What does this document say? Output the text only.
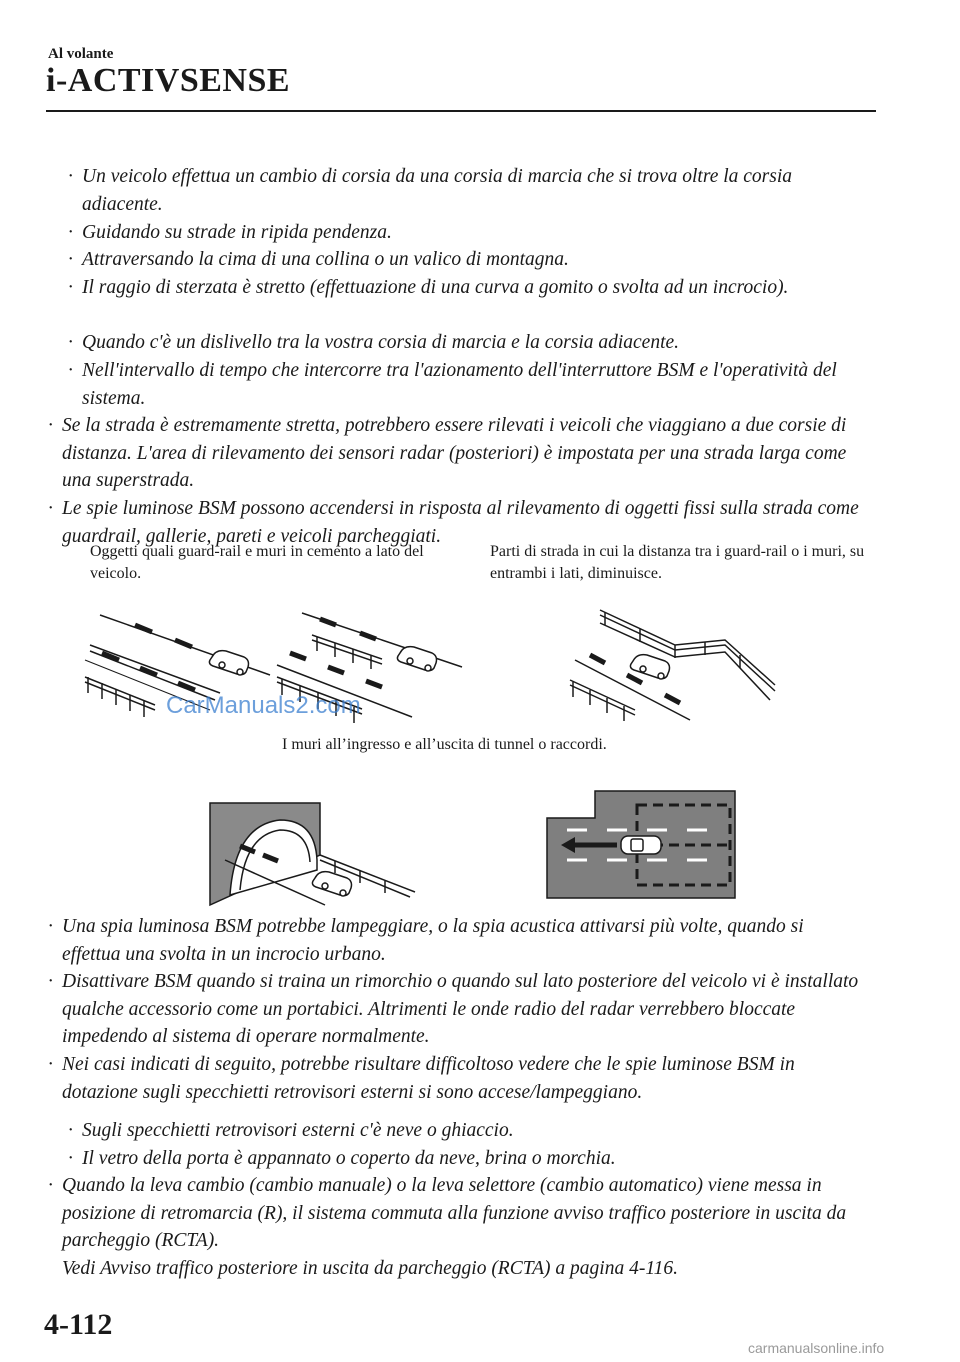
Al volante
i-ACTIVSENSE
· Un veicolo effettua un cambio di corsia da una corsia di marcia che si trova oltre la corsia adiacente.
· Guidando su strade in ripida pendenza.
· Attraversando la cima di una collina o un valico di montagna.
· Il raggio di sterzata è stretto (effettuazione di una curva a gomito o svolta ad un incrocio).
· Quando c'è un dislivello tra la vostra corsia di marcia e la corsia adiacente.
· Nell'intervallo di tempo che intercorre tra l'azionamento dell'interruttore BSM e l'operatività del sistema.
· Se la strada è estremamente stretta, potrebbero essere rilevati i veicoli che viaggiano a due corsie di distanza. L'area di rilevamento dei sensori radar (posteriori) è impostata per una strada larga come una superstrada.
· Le spie luminose BSM possono accendersi in risposta al rilevamento di oggetti fissi sulla strada come guardrail, gallerie, pareti e veicoli parcheggiati.
Oggetti quali guard-rail e muri in cemento a lato del veicolo.
Parti di strada in cui la distanza tra i guard-rail o i muri, su entrambi i lati, diminuisce.
I muri all’ingresso e all’uscita di tunnel o raccordi.
CarManuals2.com
· Una spia luminosa BSM potrebbe lampeggiare, o la spia acustica attivarsi più volte, quando si effettua una svolta in un incrocio urbano.
· Disattivare BSM quando si traina un rimorchio o quando sul lato posteriore del veicolo vi è installato qualche accessorio come un portabici. Altrimenti le onde radio del radar verrebbero bloccate impedendo al sistema di operare normalmente.
· Nei casi indicati di seguito, potrebbe risultare difficoltoso vedere che le spie luminose BSM in dotazione sugli specchietti retrovisori esterni si sono accese/lampeggiano.
· Sugli specchietti retrovisori esterni c'è neve o ghiaccio.
· Il vetro della porta è appannato o coperto da neve, brina o morchia.
· Quando la leva cambio (cambio manuale) o la leva selettore (cambio automatico) viene messa in posizione di retromarcia (R), il sistema commuta alla funzione avviso traffico posteriore in uscita da parcheggio (RCTA).
Vedi Avviso traffico posteriore in uscita da parcheggio (RCTA) a pagina 4-116.
4-112
carmanualsonline.info
